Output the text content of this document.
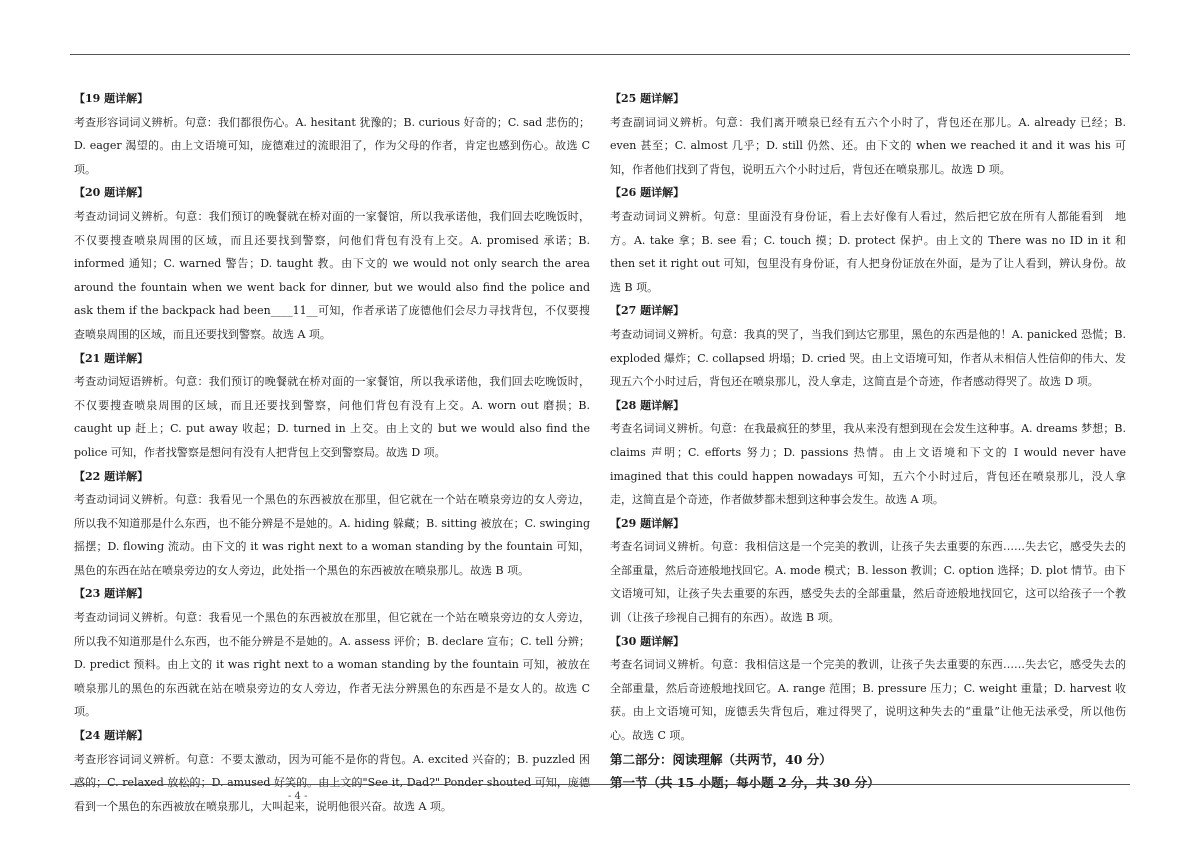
【19 题详解】

考查形容词词义辨析。句意：我们都很伤心。A. hesitant 犹豫的；B. curious 好奇的；C. sad 悲伤的；D. eager 渴望的。由上文语境可知，庞德难过的流眼泪了，作为父母的作者，肯定也感到伤心。故选 C 项。

【20 题详解】

考查动词词义辨析。句意：我们预订的晚餐就在桥对面的一家餐馆，所以我承诺他，我们回去吃晚饭时，不仅要搜查喷泉周围的区域，而且还要找到警察，问他们背包有没有上交。A. promised 承诺；B. informed 通知；C. warned 警告；D. taught 教。由下文的 we would not only search the area around the fountain when we went back for dinner, but we would also find the police and ask them if the backpack had been____11__可知，作者承诺了庞德他们会尽力寻找背包，不仅要搜查喷泉周围的区域，而且还要找到警察。故选 A 项。

【21 题详解】

考查动词短语辨析。句意：我们预订的晚餐就在桥对面的一家餐馆，所以我承诺他，我们回去吃晚饭时，不仅要搜查喷泉周围的区域，而且还要找到警察，问他们背包有没有上交。A. worn out 磨损；B. caught up 赶上；C. put away 收起；D. turned in 上交。由上文的 but we would also find the police 可知，作者找警察是想问有没有人把背包上交到警察局。故选 D 项。

【22 题详解】

考查动词词义辨析。句意：我看见一个黑色的东西被放在那里，但它就在一个站在喷泉旁边的女人旁边，所以我不知道那是什么东西，也不能分辨是不是她的。A. hiding 躲藏；B. sitting 被放在；C. swinging 摇摆；D. flowing 流动。由下文的 it was right next to a woman standing by the fountain 可知，黑色的东西在站在喷泉旁边的女人旁边，此处指一个黑色的东西被放在喷泉那儿。故选 B 项。

【23 题详解】

考查动词词义辨析。句意：我看见一个黑色的东西被放在那里，但它就在一个站在喷泉旁边的女人旁边，所以我不知道那是什么东西，也不能分辨是不是她的。A. assess 评价；B. declare 宣布；C. tell 分辨；D. predict 预料。由上文的 it was right next to a woman standing by the fountain 可知，被放在喷泉那儿的黑色的东西就在站在喷泉旁边的女人旁边，作者无法分辨黑色的东西是不是女人的。故选 C 项。

【24 题详解】

考查形容词词义辨析。句意：不要太激动，因为可能不是你的背包。A. excited 兴奋的；B. puzzled 困惑的；C. relaxed 放松的；D. amused 好笑的。由上文的"See it, Dad?" Ponder shouted 可知，庞德看到一个黑色的东西被放在喷泉那儿，大叫起来，说明他很兴奋。故选 A 项。

【25 题详解】

考查副词词义辨析。句意：我们离开喷泉已经有五六个小时了，背包还在那儿。A. already 已经；B. even 甚至；C. almost 几乎；D. still 仍然、还。由下文的 when we reached it and it was his 可知，作者他们找到了背包，说明五六个小时过后，背包还在喷泉那儿。故选 D 项。

【26 题详解】

考查动词词义辨析。句意：里面没有身份证，看上去好像有人看过，然后把它放在所有人都能看到　地方。A. take 拿；B. see 看；C. touch 摸；D. protect 保护。由上文的 There was no ID in it 和 then set it right out 可知，包里没有身份证，有人把身份证放在外面，是为了让人看到，辨认身份。故选 B 项。

【27 题详解】

考查动词词义辨析。句意：我真的哭了，当我们到达它那里，黑色的东西是他的！A. panicked 恐慌；B. exploded 爆炸；C. collapsed 坍塌；D. cried 哭。由上文语境可知，作者从未相信人性信仰的伟大、发现五六个小时过后，背包还在喷泉那儿，没人拿走，这简直是个奇迹，作者感动得哭了。故选 D 项。

【28 题详解】

考查名词词义辨析。句意：在我最疯狂的梦里，我从来没有想到现在会发生这种事。A. dreams 梦想；B. claims 声明；C. efforts 努力；D. passions 热情。由上文语境和下文的 I would never have imagined that this could happen nowadays 可知，五六个小时过后，背包还在喷泉那儿，没人拿走，这简直是个奇迹，作者做梦都未想到这种事会发生。故选 A 项。

【29 题详解】

考查名词词义辨析。句意：我相信这是一个完美的教训，让孩子失去重要的东西……失去它，感受失去的全部重量，然后奇迹般地找回它。A. mode 模式；B. lesson 教训；C. option 选择；D. plot 情节。由下文语境可知，让孩子失去重要的东西，感受失去的全部重量，然后奇迹般地找回它，这可以给孩子一个教训（让孩子珍视自己拥有的东西）。故选 B 项。

【30 题详解】

考查名词词义辨析。句意：我相信这是一个完美的教训，让孩子失去重要的东西……失去它，感受失去的全部重量，然后奇迹般地找回它。A. range 范围；B. pressure 压力；C. weight 重量；D. harvest 收获。由上文语境可知，庞德丢失背包后，难过得哭了，说明这种失去的“重量”让他无法承受，所以他伤心。故选 C 项。

第二部分：阅读理解（共两节，40 分）
第一节（共 15 小题；每小题 2 分，共 30 分）
- 4 -
